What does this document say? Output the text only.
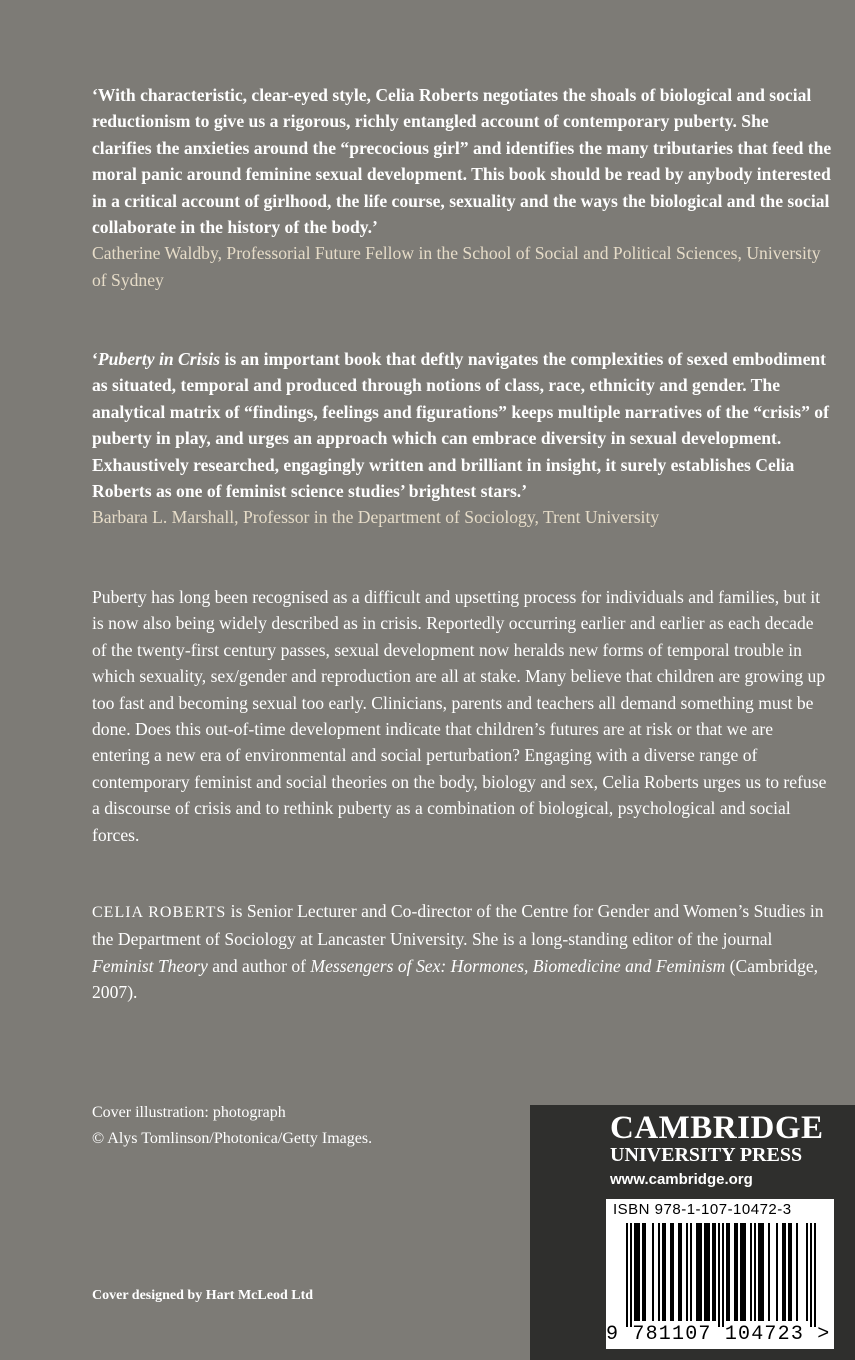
‘With characteristic, clear-eyed style, Celia Roberts negotiates the shoals of biological and social reductionism to give us a rigorous, richly entangled account of contemporary puberty. She clarifies the anxieties around the “precocious girl” and identifies the many tributaries that feed the moral panic around feminine sexual development. This book should be read by anybody interested in a critical account of girlhood, the life course, sexuality and the ways the biological and the social collaborate in the history of the body.’

Catherine Waldby, Professorial Future Fellow in the School of Social and Political Sciences, University of Sydney

‘Puberty in Crisis is an important book that deftly navigates the complexities of sexed embodiment as situated, temporal and produced through notions of class, race, ethnicity and gender. The analytical matrix of “findings, feelings and figurations” keeps multiple narratives of the “crisis” of puberty in play, and urges an approach which can embrace diversity in sexual development. Exhaustively researched, engagingly written and brilliant in insight, it surely establishes Celia Roberts as one of feminist science studies’ brightest stars.’

Barbara L. Marshall, Professor in the Department of Sociology, Trent University

Puberty has long been recognised as a difficult and upsetting process for individuals and families, but it is now also being widely described as in crisis. Reportedly occurring earlier and earlier as each decade of the twenty-first century passes, sexual development now heralds new forms of temporal trouble in which sexuality, sex/gender and reproduction are all at stake. Many believe that children are growing up too fast and becoming sexual too early. Clinicians, parents and teachers all demand something must be done. Does this out-of-time development indicate that children’s futures are at risk or that we are entering a new era of environmental and social perturbation? Engaging with a diverse range of contemporary feminist and social theories on the body, biology and sex, Celia Roberts urges us to refuse a discourse of crisis and to rethink puberty as a combination of biological, psychological and social forces.

CELIA ROBERTS is Senior Lecturer and Co-director of the Centre for Gender and Women’s Studies in the Department of Sociology at Lancaster University. She is a long-standing editor of the journal Feminist Theory and author of Messengers of Sex: Hormones, Biomedicine and Feminism (Cambridge, 2007).

Cover illustration: photograph
© Alys Tomlinson/Photonica/Getty Images.
Cover designed by Hart McLeod Ltd
CAMBRIDGE
UNIVERSITY PRESS
www.cambridge.org
ISBN 978-1-107-10472-3
9 781107 104723 >
